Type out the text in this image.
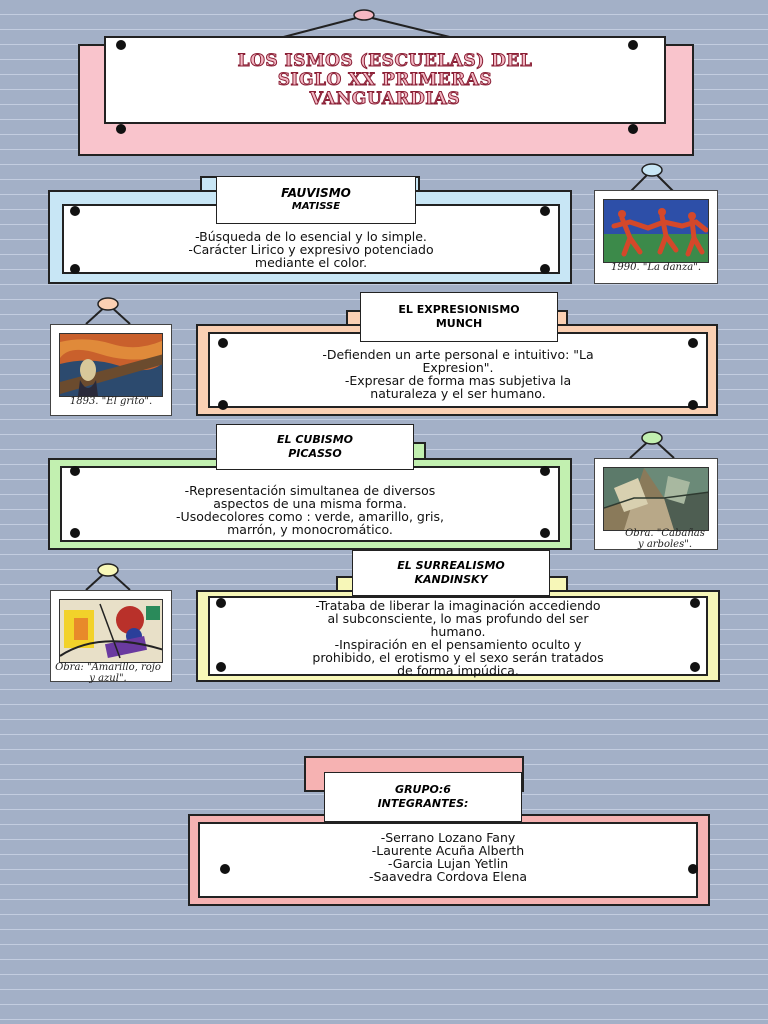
LOS ISMOS (ESCUELAS) DEL
SIGLO XX PRIMERAS
VANGUARDIAS
FAUVISMO
MATISSE
-Búsqueda de lo esencial y lo simple.
-Carácter Lirico y expresivo potenciado
mediante el color.	1990. "La danza".
EL EXPRESIONISMO
MUNCH
-Defienden un arte personal e intuitivo: "La
Expresion".
-Expresar de forma mas subjetiva la
naturaleza y el ser humano.
1893. "El grito".
EL CUBISMO
PICASSO
-Representación simultanea de diversos
aspectos de una misma forma.
-Usodecolores como : verde, amarillo, gris,
marrón, y monocromático.	Obra. "Cabañas
y arboles".
EL SURREALISMO
KANDINSKY
-Trataba de liberar la imaginación accediendo
al subconsciente, lo mas profundo del ser
humano.
-Inspiración en el pensamiento oculto y
prohibido, el erotismo y el sexo serán tratados
de forma impúdica.
Obra: "Amarillo, rojo
y azul".
GRUPO:6
INTEGRANTES:
-Serrano Lozano Fany
-Laurente Acuña Alberth
-Garcia Lujan Yetlin
-Saavedra Cordova Elena
